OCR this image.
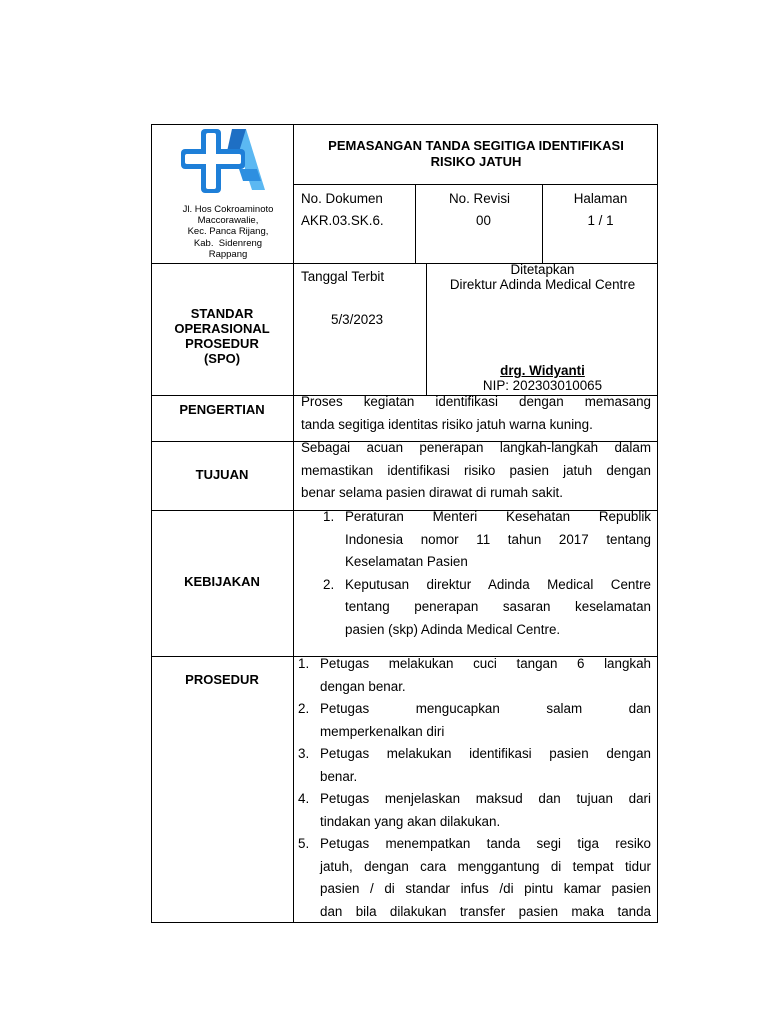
Jl. Hos Cokroaminoto
Maccorawalie,
Kec. Panca Rijang,
Kab.  Sidenreng
Rappang
PEMASANGAN TANDA SEGITIGA IDENTIFIKASI
RISIKO JATUH
No. Dokumen
AKR.03.SK.6.
No. Revisi
00
Halaman
1 / 1
STANDAR
OPERASIONAL
PROSEDUR
(SPO)
Tanggal Terbit
5/3/2023
Ditetapkan
Direktur Adinda Medical Centre
drg. Widyanti
NIP: 202303010065
PENGERTIAN
Proses kegiatan identifikasi dengan memasang
tanda segitiga identitas risiko jatuh warna kuning.
TUJUAN
Sebagai acuan penerapan langkah-langkah dalam
memastikan identifikasi risiko pasien jatuh dengan
benar selama pasien dirawat di rumah sakit.
KEBIJAKAN
1. Peraturan Menteri Kesehatan Republik
Indonesia nomor 11 tahun 2017 tentang
Keselamatan Pasien
2. Keputusan direktur Adinda Medical Centre
tentang penerapan sasaran keselamatan
pasien (skp) Adinda Medical Centre.
PROSEDUR
1. Petugas melakukan cuci tangan 6 langkah
dengan benar.
2. Petugas mengucapkan salam dan
memperkenalkan diri
3. Petugas melakukan identifikasi pasien dengan
benar.
4. Petugas menjelaskan maksud dan tujuan dari
tindakan yang akan dilakukan.
5. Petugas menempatkan tanda segi tiga resiko
jatuh, dengan cara menggantung di tempat tidur
pasien / di standar infus /di pintu kamar pasien
dan bila dilakukan transfer pasien maka tanda
